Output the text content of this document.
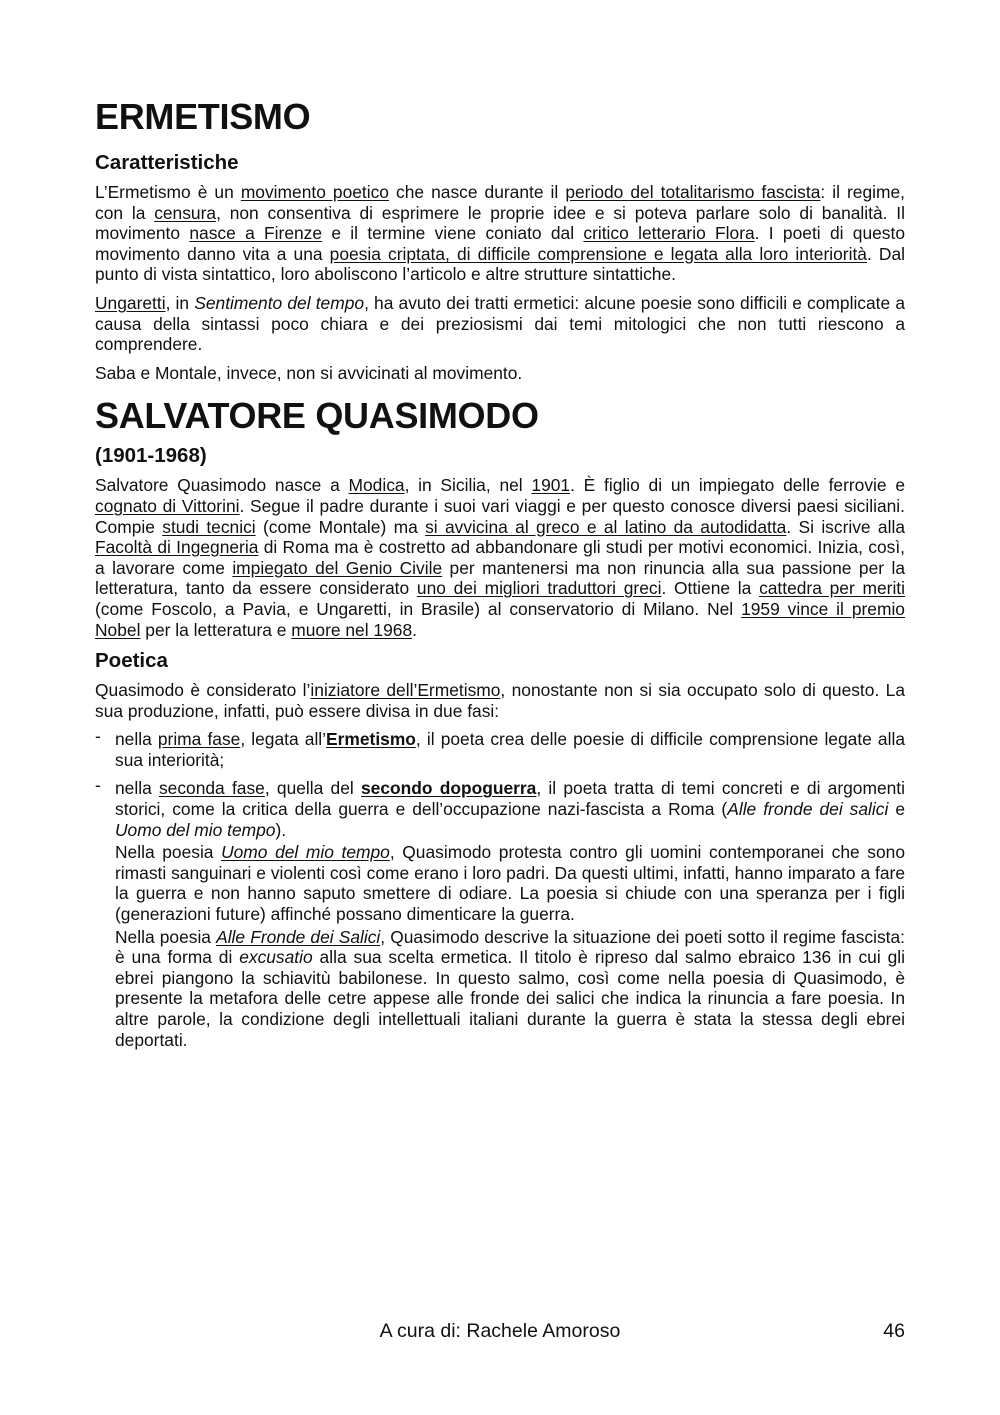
ERMETISMO
Caratteristiche

L’Ermetismo è un movimento poetico che nasce durante il periodo del totalitarismo fascista: il regime, con la censura, non consentiva di esprimere le proprie idee e si poteva parlare solo di banalità. Il movimento nasce a Firenze e il termine viene coniato dal critico letterario Flora. I poeti di questo movimento danno vita a una poesia criptata, di difficile comprensione e legata alla loro interiorità. Dal punto di vista sintattico, loro aboliscono l’articolo e altre strutture sintattiche.

Ungaretti, in Sentimento del tempo, ha avuto dei tratti ermetici: alcune poesie sono difficili e complicate a causa della sintassi poco chiara e dei preziosismi dai temi mitologici che non tutti riescono a comprendere.

Saba e Montale, invece, non si avvicinati al movimento.

SALVATORE QUASIMODO
(1901-1968)

Salvatore Quasimodo nasce a Modica, in Sicilia, nel 1901. È figlio di un impiegato delle ferrovie e cognato di Vittorini. Segue il padre durante i suoi vari viaggi e per questo conosce diversi paesi siciliani. Compie studi tecnici (come Montale) ma si avvicina al greco e al latino da autodidatta. Si iscrive alla Facoltà di Ingegneria di Roma ma è costretto ad abbandonare gli studi per motivi economici. Inizia, così, a lavorare come impiegato del Genio Civile per mantenersi ma non rinuncia alla sua passione per la letteratura, tanto da essere considerato uno dei migliori traduttori greci. Ottiene la cattedra per meriti (come Foscolo, a Pavia, e Ungaretti, in Brasile) al conservatorio di Milano. Nel 1959 vince il premio Nobel per la letteratura e muore nel 1968.

Poetica

Quasimodo è considerato l’iniziatore dell’Ermetismo, nonostante non si sia occupato solo di questo. La sua produzione, infatti, può essere divisa in due fasi:

- nella prima fase, legata all’Ermetismo, il poeta crea delle poesie di difficile comprensione legate alla sua interiorità;

- nella seconda fase, quella del secondo dopoguerra, il poeta tratta di temi concreti e di argomenti storici, come la critica della guerra e dell’occupazione nazi-fascista a Roma (Alle fronde dei salici e Uomo del mio tempo).

Nella poesia Uomo del mio tempo, Quasimodo protesta contro gli uomini contemporanei che sono rimasti sanguinari e violenti così come erano i loro padri. Da questi ultimi, infatti, hanno imparato a fare la guerra e non hanno saputo smettere di odiare. La poesia si chiude con una speranza per i figli (generazioni future) affinché possano dimenticare la guerra.

Nella poesia Alle Fronde dei Salici, Quasimodo descrive la situazione dei poeti sotto il regime fascista: è una forma di excusatio alla sua scelta ermetica. Il titolo è ripreso dal salmo ebraico 136 in cui gli ebrei piangono la schiavitù babilonese. In questo salmo, così come nella poesia di Quasimodo, è presente la metafora delle cetre appese alle fronde dei salici che indica la rinuncia a fare poesia. In altre parole, la condizione degli intellettuali italiani durante la guerra è stata la stessa degli ebrei deportati.

A cura di: Rachele Amoroso	46
